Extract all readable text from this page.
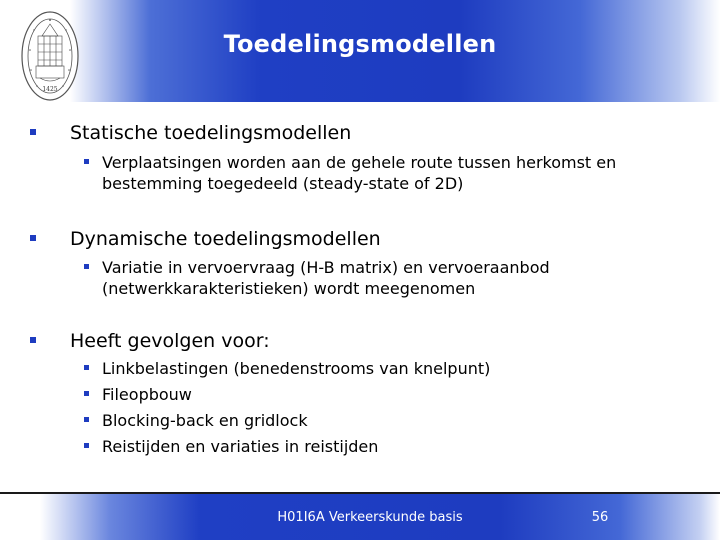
1425
Toedelingsmodellen
Statische toedelingsmodellen
Verplaatsingen worden aan de gehele route tussen herkomst en
bestemming toegedeeld (steady-state of 2D)
Dynamische toedelingsmodellen
Variatie in vervoervraag (H-B matrix) en vervoeraanbod
(netwerkkarakteristieken) wordt meegenomen
Heeft gevolgen voor:
Linkbelastingen (benedenstrooms van knelpunt)
Fileopbouw
Blocking-back en gridlock
Reistijden en variaties in reistijden
H01I6A Verkeerskunde basis	56
